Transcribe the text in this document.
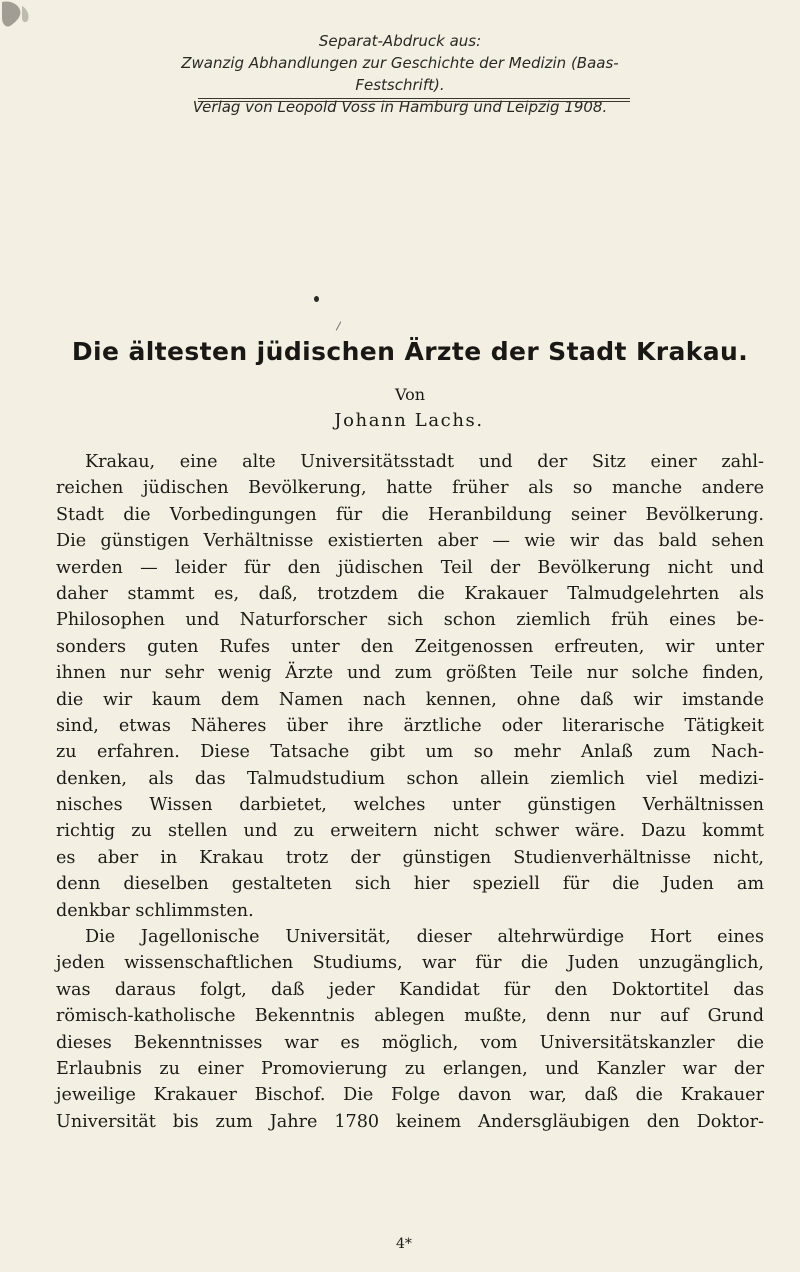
Separat-Abdruck aus:
Zwanzig Abhandlungen zur Geschichte der Medizin (Baas-Festschrift).
Verlag von Leopold Voss in Hamburg und Leipzig 1908.
Die ältesten jüdischen Ärzte der Stadt Krakau.
Von
Johann Lachs.
Krakau, eine alte Universitätsstadt und der Sitz einer zahl-
reichen jüdischen Bevölkerung, hatte früher als so manche andere
Stadt die Vorbedingungen für die Heranbildung seiner Bevölkerung.
Die günstigen Verhältnisse existierten aber — wie wir das bald sehen
werden — leider für den jüdischen Teil der Bevölkerung nicht und
daher stammt es, daß, trotzdem die Krakauer Talmudgelehrten als
Philosophen und Naturforscher sich schon ziemlich früh eines be-
sonders guten Rufes unter den Zeitgenossen erfreuten, wir unter
ihnen nur sehr wenig Ärzte und zum größten Teile nur solche finden,
die wir kaum dem Namen nach kennen, ohne daß wir imstande
sind, etwas Näheres über ihre ärztliche oder literarische Tätigkeit
zu erfahren. Diese Tatsache gibt um so mehr Anlaß zum Nach-
denken, als das Talmudstudium schon allein ziemlich viel medizi-
nisches Wissen darbietet, welches unter günstigen Verhältnissen
richtig zu stellen und zu erweitern nicht schwer wäre. Dazu kommt
es aber in Krakau trotz der günstigen Studienverhältnisse nicht,
denn dieselben gestalteten sich hier speziell für die Juden am
denkbar schlimmsten.
Die Jagellonische Universität, dieser altehrwürdige Hort eines
jeden wissenschaftlichen Studiums, war für die Juden unzugänglich,
was daraus folgt, daß jeder Kandidat für den Doktortitel das
römisch-katholische Bekenntnis ablegen mußte, denn nur auf Grund
dieses Bekenntnisses war es möglich, vom Universitätskanzler die
Erlaubnis zu einer Promovierung zu erlangen, und Kanzler war der
jeweilige Krakauer Bischof. Die Folge davon war, daß die Krakauer
Universität bis zum Jahre 1780 keinem Andersgläubigen den Doktor-
4*
